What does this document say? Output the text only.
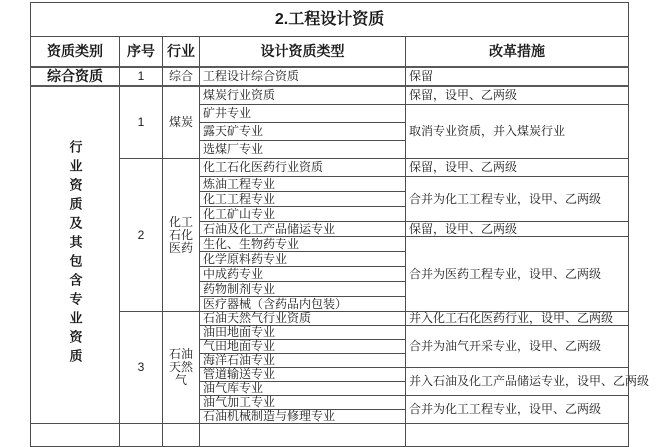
2.工程设计资质				
资质类别	序号	行业	设计资质类型	改革措施
综合资质	1	综合	工程设计综合资质	保留
行业资质及其包含专业资质	1	煤炭	煤炭行业资质	保留，设甲、乙两级
			矿井专业	取消专业资质，并入煤炭行业
			露天矿专业	
			选煤厂专业	
	2	化工石化医药	化工石化医药行业资质	保留，设甲、乙两级
			炼油工程专业	合并为化工工程专业，设甲、乙两级
			化工工程专业	
			化工矿山专业	
			石油及化工产品储运专业	保留，设甲、乙两级
			生化、生物药专业	合并为医药工程专业，设甲、乙两级
			化学原料药专业	
			中成药专业	
			药物制剂专业	
			医疗器械（含药品内包装）	
	3	石油天然气	石油天然气行业资质	并入化工石化医药行业，设甲、乙两级
			油田地面专业	合并为油气开采专业，设甲、乙两级
			气田地面专业	
			海洋石油专业	
			管道输送专业	并入石油及化工产品储运专业，设甲、乙两级
			油气库专业	
			油气加工专业	合并为化工工程专业，设甲、乙两级
			石油机械制造与修理专业	
